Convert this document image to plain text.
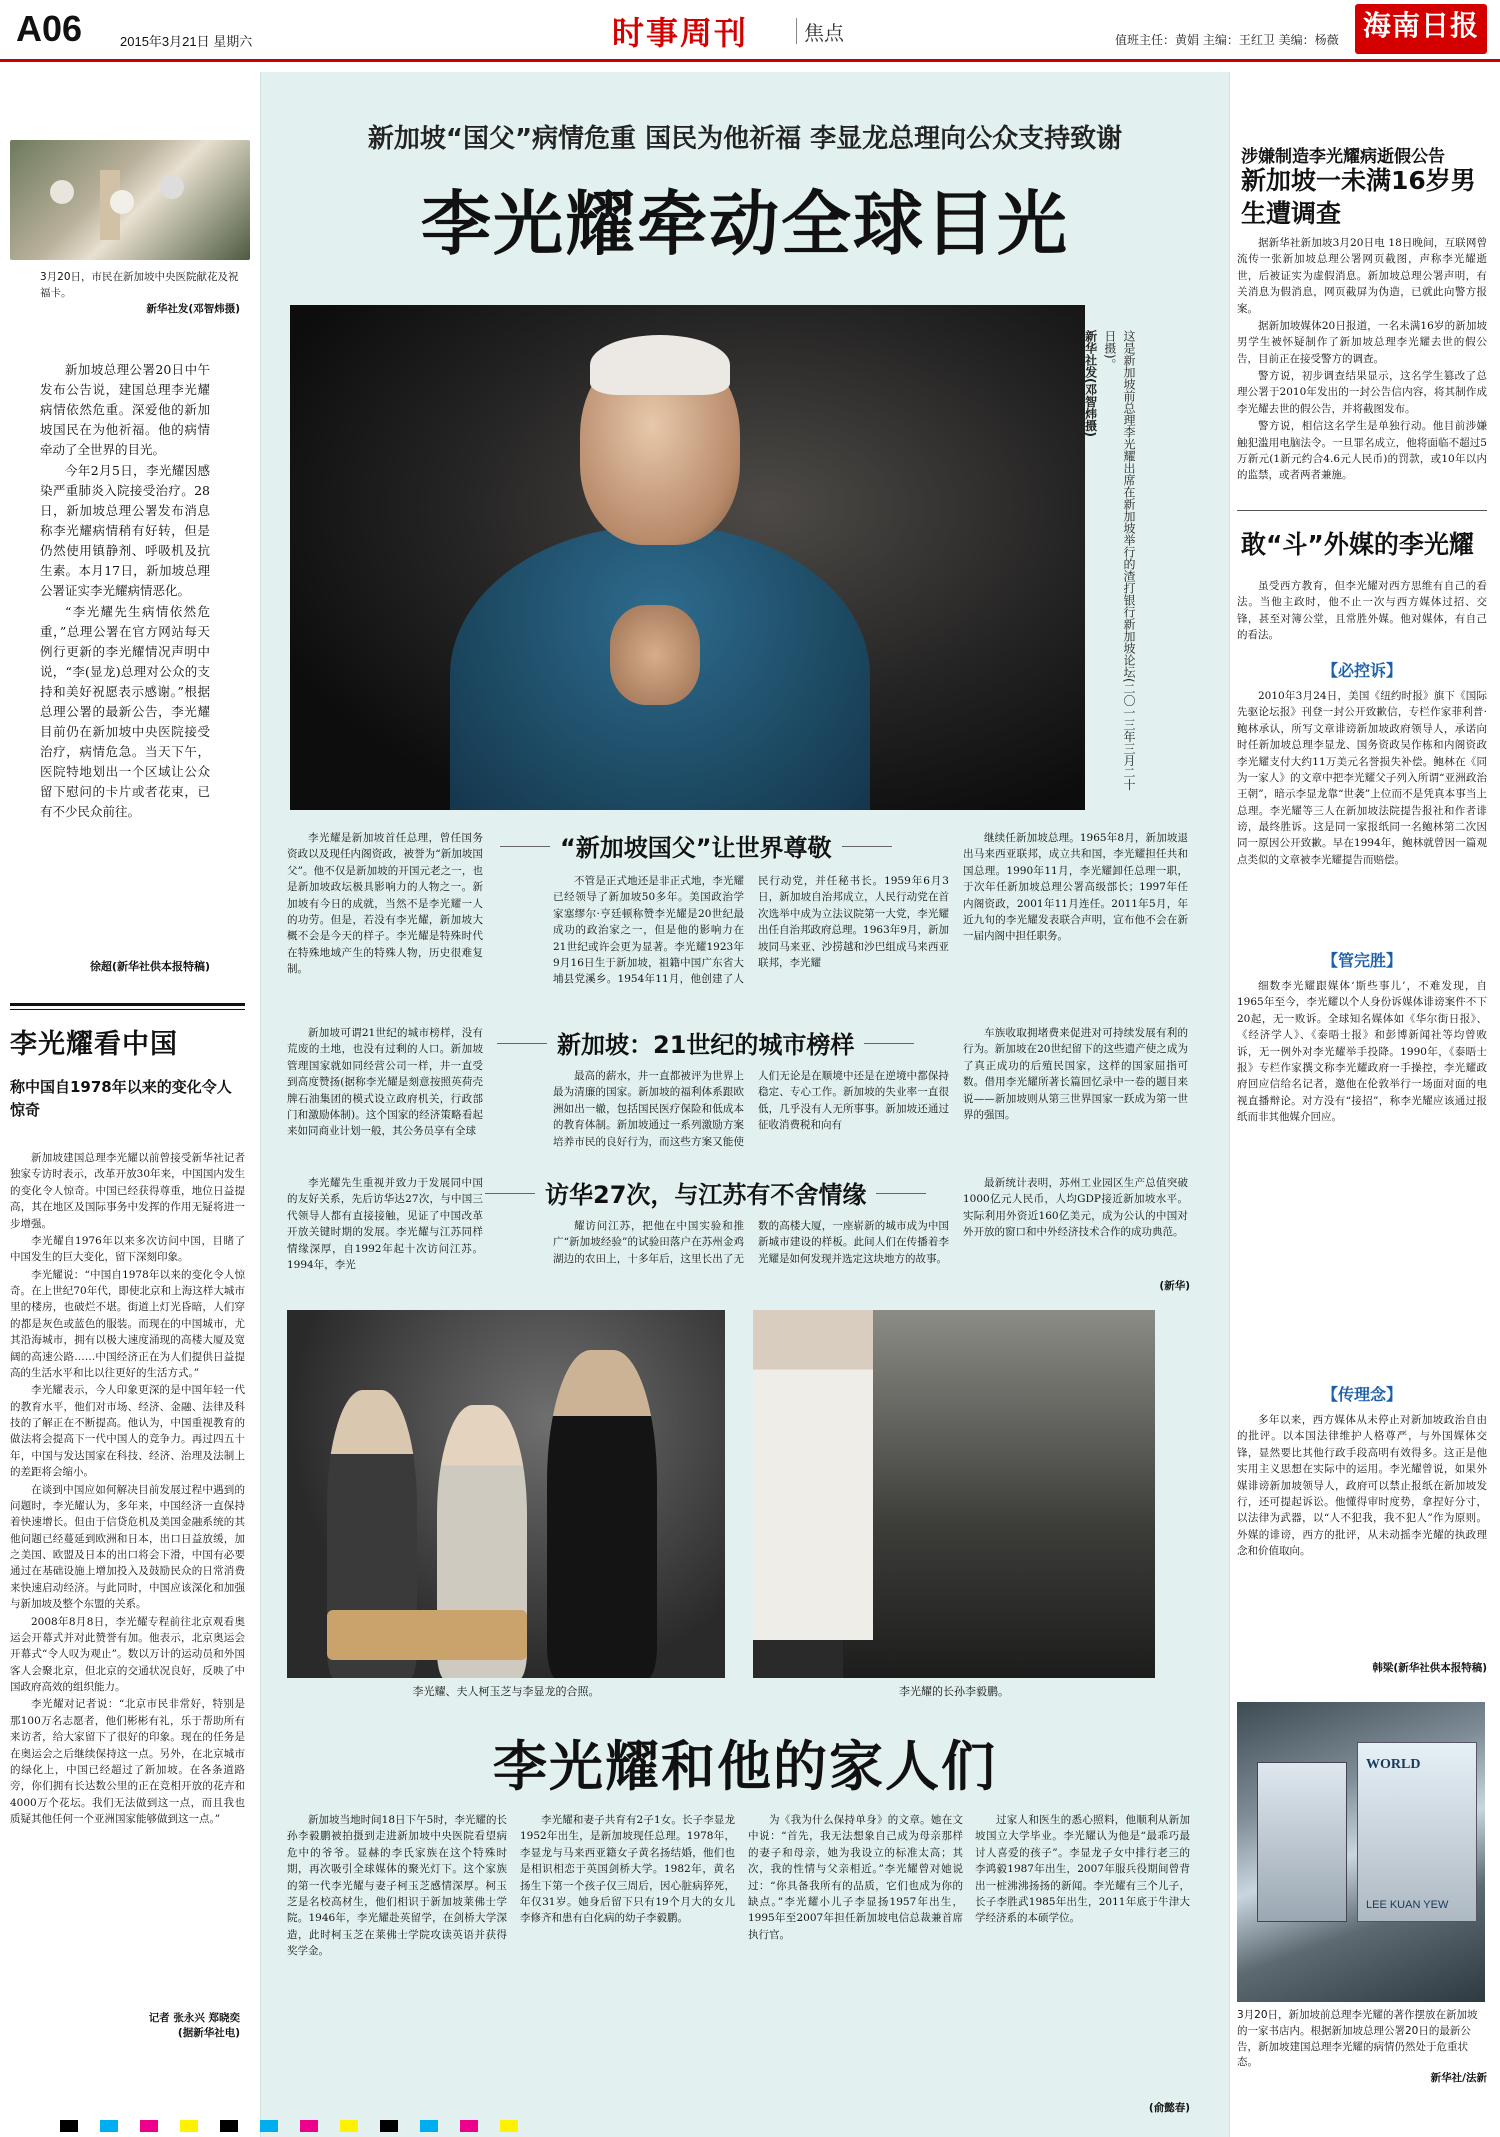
A06	2015年3月21日 星期六	时事周刊	焦点	值班主任：黄娟 主编：王红卫 美编：杨薇 海南日报
3月20日，市民在新加坡中央医院献花及祝福卡。
新华社发(邓智炜摄)

新加坡总理公署20日中午发布公告说，建国总理李光耀病情依然危重。深爱他的新加坡国民在为他祈福。他的病情牵动了全世界的目光。

今年2月5日，李光耀因感染严重肺炎入院接受治疗。28日，新加坡总理公署发布消息称李光耀病情稍有好转，但是仍然使用镇静剂、呼吸机及抗生素。本月17日，新加坡总理公署证实李光耀病情恶化。

“李光耀先生病情依然危重，”总理公署在官方网站每天例行更新的李光耀情况声明中说，“李(显龙)总理对公众的支持和美好祝愿表示感谢。”根据总理公署的最新公告，李光耀目前仍在新加坡中央医院接受治疗，病情危急。当天下午，医院特地划出一个区域让公众留下慰问的卡片或者花束，已有不少民众前往。

徐超(新华社供本报特稿)
李光耀看中国
称中国自1978年以来的变化令人惊奇

新加坡建国总理李光耀以前曾接受新华社记者独家专访时表示，改革开放30年来，中国国内发生的变化令人惊奇。中国已经获得尊重，地位日益提高，其在地区及国际事务中发挥的作用无疑将进一步增强。

李光耀自1976年以来多次访问中国，目睹了中国发生的巨大变化，留下深刻印象。

李光耀说：“中国自1978年以来的变化令人惊奇。在上世纪70年代，即使北京和上海这样大城市里的楼房，也破烂不堪。街道上灯光昏暗，人们穿的都是灰色或蓝色的服装。而现在的中国城市，尤其沿海城市，拥有以极大速度涌现的高楼大厦及宽阔的高速公路……中国经济正在为人们提供日益提高的生活水平和比以往更好的生活方式。”

李光耀表示，今人印象更深的是中国年轻一代的教育水平，他们对市场、经济、金融、法律及科技的了解正在不断提高。他认为，中国重视教育的做法将会提高下一代中国人的竞争力。再过四五十年，中国与发达国家在科技、经济、治理及法制上的差距将会缩小。

在谈到中国应如何解决目前发展过程中遇到的问题时，李光耀认为，多年来，中国经济一直保持着快速增长。但由于信贷危机及美国金融系统的其他问题已经蔓延到欧洲和日本，出口日益放缓，加之美国、欧盟及日本的出口将会下滑，中国有必要通过在基础设施上增加投入及鼓励民众的日常消费来快速启动经济。与此同时，中国应该深化和加强与新加坡及整个东盟的关系。

2008年8月8日，李光耀专程前往北京观看奥运会开幕式并对此赞誉有加。他表示，北京奥运会开幕式“令人叹为观止”。数以万计的运动员和外国客人会聚北京，但北京的交通状况良好，反映了中国政府高效的组织能力。

李光耀对记者说：“北京市民非常好，特别是那100万名志愿者，他们彬彬有礼，乐于帮助所有来访者，给大家留下了很好的印象。现在的任务是在奥运会之后继续保持这一点。另外，在北京城市的绿化上，中国已经超过了新加坡。在各条道路旁，你们拥有长达数公里的正在竞相开放的花卉和4000万个花坛。我们无法做到这一点，而且我也质疑其他任何一个亚洲国家能够做到这一点。”

记者 张永兴 郑晓奕
(据新华社电)
新加坡“国父”病情危重 国民为他祈福 李显龙总理向公众支持致谢
李光耀牵动全球目光
这是新加坡前总理李光耀出席在新加坡举行的渣打银行新加坡论坛(二〇一三年三月二十日摄)。
新华社发(邓智炜摄)
“新加坡国父”让世界尊敬

李光耀是新加坡首任总理，曾任国务资政以及现任内阁资政，被誉为“新加坡国父”。他不仅是新加坡的开国元老之一，也是新加坡政坛极具影响力的人物之一。新加坡有今日的成就，当然不是李光耀一人的功劳。但是，若没有李光耀，新加坡大概不会是今天的样子。李光耀是特殊时代在特殊地域产生的特殊人物，历史很难复制。

不管是正式地还是非正式地，李光耀已经领导了新加坡50多年。美国政治学家塞缪尔·亨廷顿称赞李光耀是20世纪最成功的政治家之一，但是他的影响力在21世纪或许会更为显著。李光耀1923年9月16日生于新加坡，祖籍中国广东省大埔县党溪乡。1954年11月，他创建了人民行动党，并任秘书长。1959年6月3日，新加坡自治邦成立，人民行动党在首次选举中成为立法议院第一大党，李光耀出任自治邦政府总理。1963年9月，新加坡同马来亚、沙捞越和沙巴组成马来西亚联邦，李光耀

继续任新加坡总理。1965年8月，新加坡退出马来西亚联邦，成立共和国，李光耀担任共和国总理。1990年11月，李光耀卸任总理一职，于次年任新加坡总理公署高级部长；1997年任内阁资政，2001年11月连任。2011年5月，年近九旬的李光耀发表联合声明，宣布他不会在新一届内阁中担任职务。

新加坡：21世纪的城市榜样

新加坡可谓21世纪的城市榜样，没有荒废的土地，也没有过剩的人口。新加坡管理国家就如同经营公司一样，井一直受到高度赞扬(据称李光耀是刻意按照英荷壳牌石油集团的模式设立政府机关，行政部门和激励体制)。这个国家的经济策略看起来如同商业计划一般，其公务员享有全球

最高的薪水，井一直都被评为世界上最为清廉的国家。新加坡的福利体系跟欧洲如出一辙，包括国民医疗保险和低成本的教育体制。新加坡通过一系列激励方案培养市民的良好行为，而这些方案又能使人们无论是在顺境中还是在逆境中都保持稳定、专心工作。新加坡的失业率一直很低，几乎没有人无所事事。新加坡还通过征收消费税和向有

车族收取拥堵费来促进对可持续发展有利的行为。新加坡在20世纪留下的这些遗产使之成为了真正成功的后殖民国家，这样的国家屈指可数。借用李光耀所著长篇回忆录中一卷的题目来说——新加坡则从第三世界国家一跃成为第一世界的强国。

访华27次，与江苏有不舍情缘

李光耀先生重视并致力于发展同中国的友好关系，先后访华达27次，与中国三代领导人都有直接接触，见证了中国改革开放关键时期的发展。李光耀与江苏同样情缘深厚，自1992年起十次访问江苏。1994年，李光

耀访问江苏，把他在中国实验和推广“新加坡经验”的试验田落户在苏州金鸡湖边的农田上，十多年后，这里长出了无数的高楼大厦，一座崭新的城市成为中国新城市建设的样板。此间人们在传播着李光耀是如何发现并选定这块地方的故事。

最新统计表明，苏州工业园区生产总值突破1000亿元人民币，人均GDP接近新加坡水平。实际利用外资近160亿美元，成为公认的中国对外开放的窗口和中外经济技术合作的成功典范。

(新华)
李光耀、夫人柯玉芝与李显龙的合照。	李光耀的长孙李毅鹏。
李光耀和他的家人们

新加坡当地时间18日下午5时，李光耀的长孙李毅鹏被拍摄到走进新加坡中央医院看望病危中的爷爷。显赫的李氏家族在这个特殊时期，再次吸引全球媒体的聚光灯下。这个家族的第一代李光耀与妻子柯玉芝感情深厚。柯玉芝是名校高材生，他们相识于新加坡莱佛士学院。1946年，李光耀赴英留学，在剑桥大学深造，此时柯玉芝在莱佛士学院攻读英语并获得奖学金。

李光耀和妻子共育有2子1女。长子李显龙1952年出生，是新加坡现任总理。1978年，李显龙与马来西亚籍女子黄名扬结婚，他们也是相识相恋于英国剑桥大学。1982年，黄名扬生下第一个孩子仅三周后，因心脏病猝死，年仅31岁。她身后留下只有19个月大的女儿李修齐和患有白化病的幼子李毅鹏。

为《我为什么保持单身》的文章。她在文中说：“首先，我无法想象自己成为母亲那样的妻子和母亲，她为我设立的标准太高；其次，我的性情与父亲相近。”李光耀曾对她说过：“你具备我所有的品质，它们也成为你的缺点。”李光耀小儿子李显扬1957年出生，1995年至2007年担任新加坡电信总裁兼首席执行官。

过家人和医生的悉心照料，他顺利从新加坡国立大学毕业。李光耀认为他是“最乖巧最讨人喜爱的孩子”。李显龙子女中排行老三的李鸿毅1987年出生，2007年服兵役期间曾背出一桩沸沸扬扬的新闻。李光耀有三个儿子，长子李胜武1985年出生，2011年底于牛津大学经济系的本硕学位。

(俞懿春)
涉嫌制造李光耀病逝假公告
新加坡一未满16岁男生遭调查

据新华社新加坡3月20日电 18日晚间，互联网曾流传一张新加坡总理公署网页截图，声称李光耀逝世，后被证实为虚假消息。新加坡总理公署声明，有关消息为假消息，网页截屏为伪造，已就此向警方报案。

据新加坡媒体20日报道，一名未满16岁的新加坡男学生被怀疑制作了新加坡总理李光耀去世的假公告，目前正在接受警方的调查。

警方说，初步调查结果显示，这名学生篡改了总理公署于2010年发出的一封公告信内容，将其制作成李光耀去世的假公告，并将截图发布。

警方说，相信这名学生是单独行动。他目前涉嫌触犯滥用电脑法令。一旦罪名成立，他将面临不超过5万新元(1新元约合4.6元人民币)的罚款，或10年以内的监禁，或者两者兼施。

敢“斗”外媒的李光耀

虽受西方教育，但李光耀对西方思维有自己的看法。当他主政时，他不止一次与西方媒体过招、交锋，甚至对簿公堂，且常胜外媒。他对媒体，有自己的看法。

【必控诉】

2010年3月24日，美国《纽约时报》旗下《国际先驱论坛报》刊登一封公开致歉信，专栏作家菲利普·鲍林承认，所写文章诽谤新加坡政府领导人，承诺向时任新加坡总理李显龙、国务资政吴作栋和内阁资政李光耀支付大约11万美元名誉损失补偿。鲍林在《同为一家人》的文章中把李光耀父子列入所谓“亚洲政治王朝”，暗示李显龙靠“世袭”上位而不是凭真本事当上总理。李光耀等三人在新加坡法院提告报社和作者诽谤，最终胜诉。这是同一家报纸同一名鲍林第二次因同一原因公开致歉。早在1994年，鲍林就曾因一篇观点类似的文章被李光耀提告而赔偿。

【管完胜】

细数李光耀跟媒体‘斯些事儿’，不难发现，自1965年至今，李光耀以个人身份诉媒体诽谤案件不下20起，无一败诉。全球知名媒体如《华尔街日报》、《经济学人》、《泰晤士报》和彭博新闻社等均曾败诉，无一例外对李光耀举手投降。1990年，《泰晤士报》专栏作家撰文称李光耀政府一手操控，李光耀政府回应信给名记者，邀他在伦敦举行一场面对面的电视直播辩论。对方没有“接招”，称李光耀应该通过报纸而非其他媒介回应。

【传理念】

多年以来，西方媒体从未停止对新加坡政治自由的批评。以本国法律维护人格尊严，与外国媒体交锋，显然要比其他行政手段高明有效得多。这正是他实用主义思想在实际中的运用。李光耀曾说，如果外媒诽谤新加坡领导人，政府可以禁止报纸在新加坡发行，还可提起诉讼。他懂得审时度势，拿捏好分寸，以法律为武器，以“人不犯我，我不犯人”作为原则。外媒的诽谤，西方的批评，从未动摇李光耀的执政理念和价值取向。

韩梁(新华社供本报特稿)
WORLD
LEE KUAN YEW
3月20日，新加坡前总理李光耀的著作摆放在新加坡的一家书店内。根据新加坡总理公署20日的最新公告，新加坡建国总理李光耀的病情仍然处于危重状态。
新华社/法新
